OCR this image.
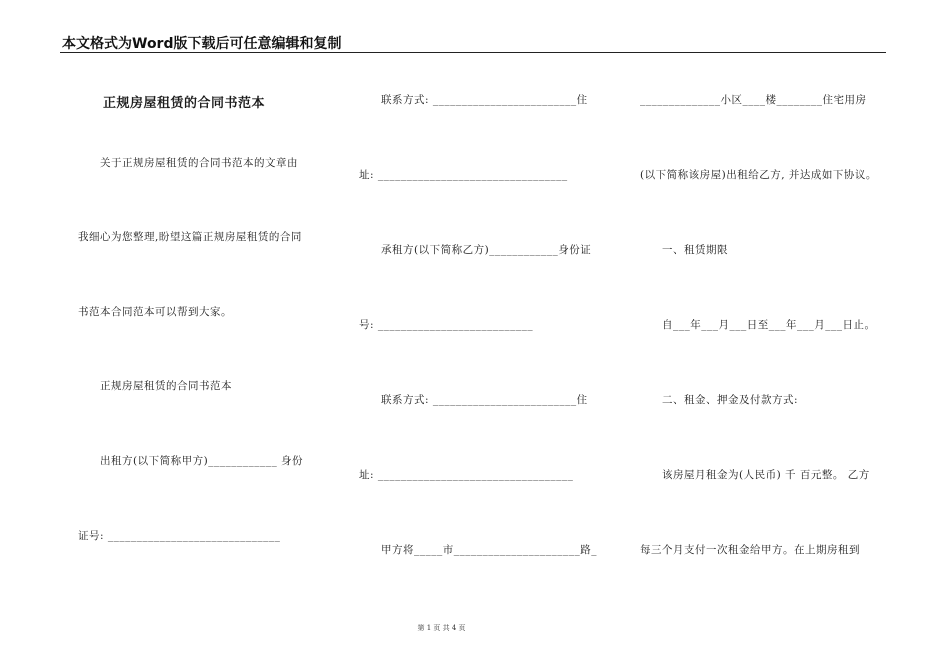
本文格式为Word版下载后可任意编辑和复制
正规房屋租赁的合同书范本
关于正规房屋租赁的合同书范本的文章由
我细心为您整理,盼望这篇正规房屋租赁的合同
书范本合同范本可以帮到大家。
正规房屋租赁的合同书范本
出租方(以下简称甲方)____________ 身份
证号: ______________________________
联系方式: _________________________住
址: _________________________________
承租方(以下简称乙方)____________身份证
号: ___________________________
联系方式: _________________________住
址: __________________________________
甲方将_____市______________________路_
______________小区____楼________住宅用房
(以下简称该房屋)出租给乙方, 并达成如下协议。
一、租赁期限
自___年___月___日至___年___月___日止。
二、租金、押金及付款方式:
该房屋月租金为(人民币) 千 百元整。 乙方
每三个月支付一次租金给甲方。在上期房租到
第 1 页 共 4 页
